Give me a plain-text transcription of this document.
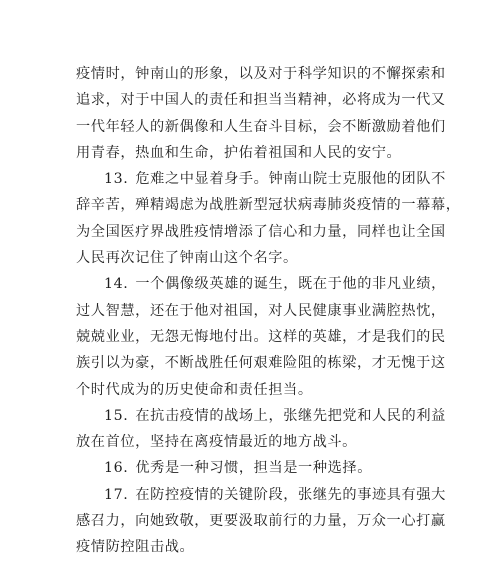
疫情时，钟南山的形象，以及对于科学知识的不懈探索和
追求，对于中国人的责任和担当当精神，必将成为一代又
一代年轻人的新偶像和人生奋斗目标，会不断激励着他们
用青春，热血和生命，护佑着祖国和人民的安宁。
13. 危难之中显着身手。钟南山院士克服他的团队不
辞辛苦，殚精竭虑为战胜新型冠状病毒肺炎疫情的一幕幕，
为全国医疗界战胜疫情增添了信心和力量，同样也让全国
人民再次记住了钟南山这个名字。
14. 一个偶像级英雄的诞生，既在于他的非凡业绩，
过人智慧，还在于他对祖国，对人民健康事业满腔热忱，
兢兢业业，无怨无悔地付出。这样的英雄，才是我们的民
族引以为豪，不断战胜任何艰难险阻的栋梁，才无愧于这
个时代成为的历史使命和责任担当。
15. 在抗击疫情的战场上，张继先把党和人民的利益
放在首位，坚持在离疫情最近的地方战斗。
16. 优秀是一种习惯，担当是一种选择。
17. 在防控疫情的关键阶段，张继先的事迹具有强大
感召力，向她致敬，更要汲取前行的力量，万众一心打赢
疫情防控阻击战。
